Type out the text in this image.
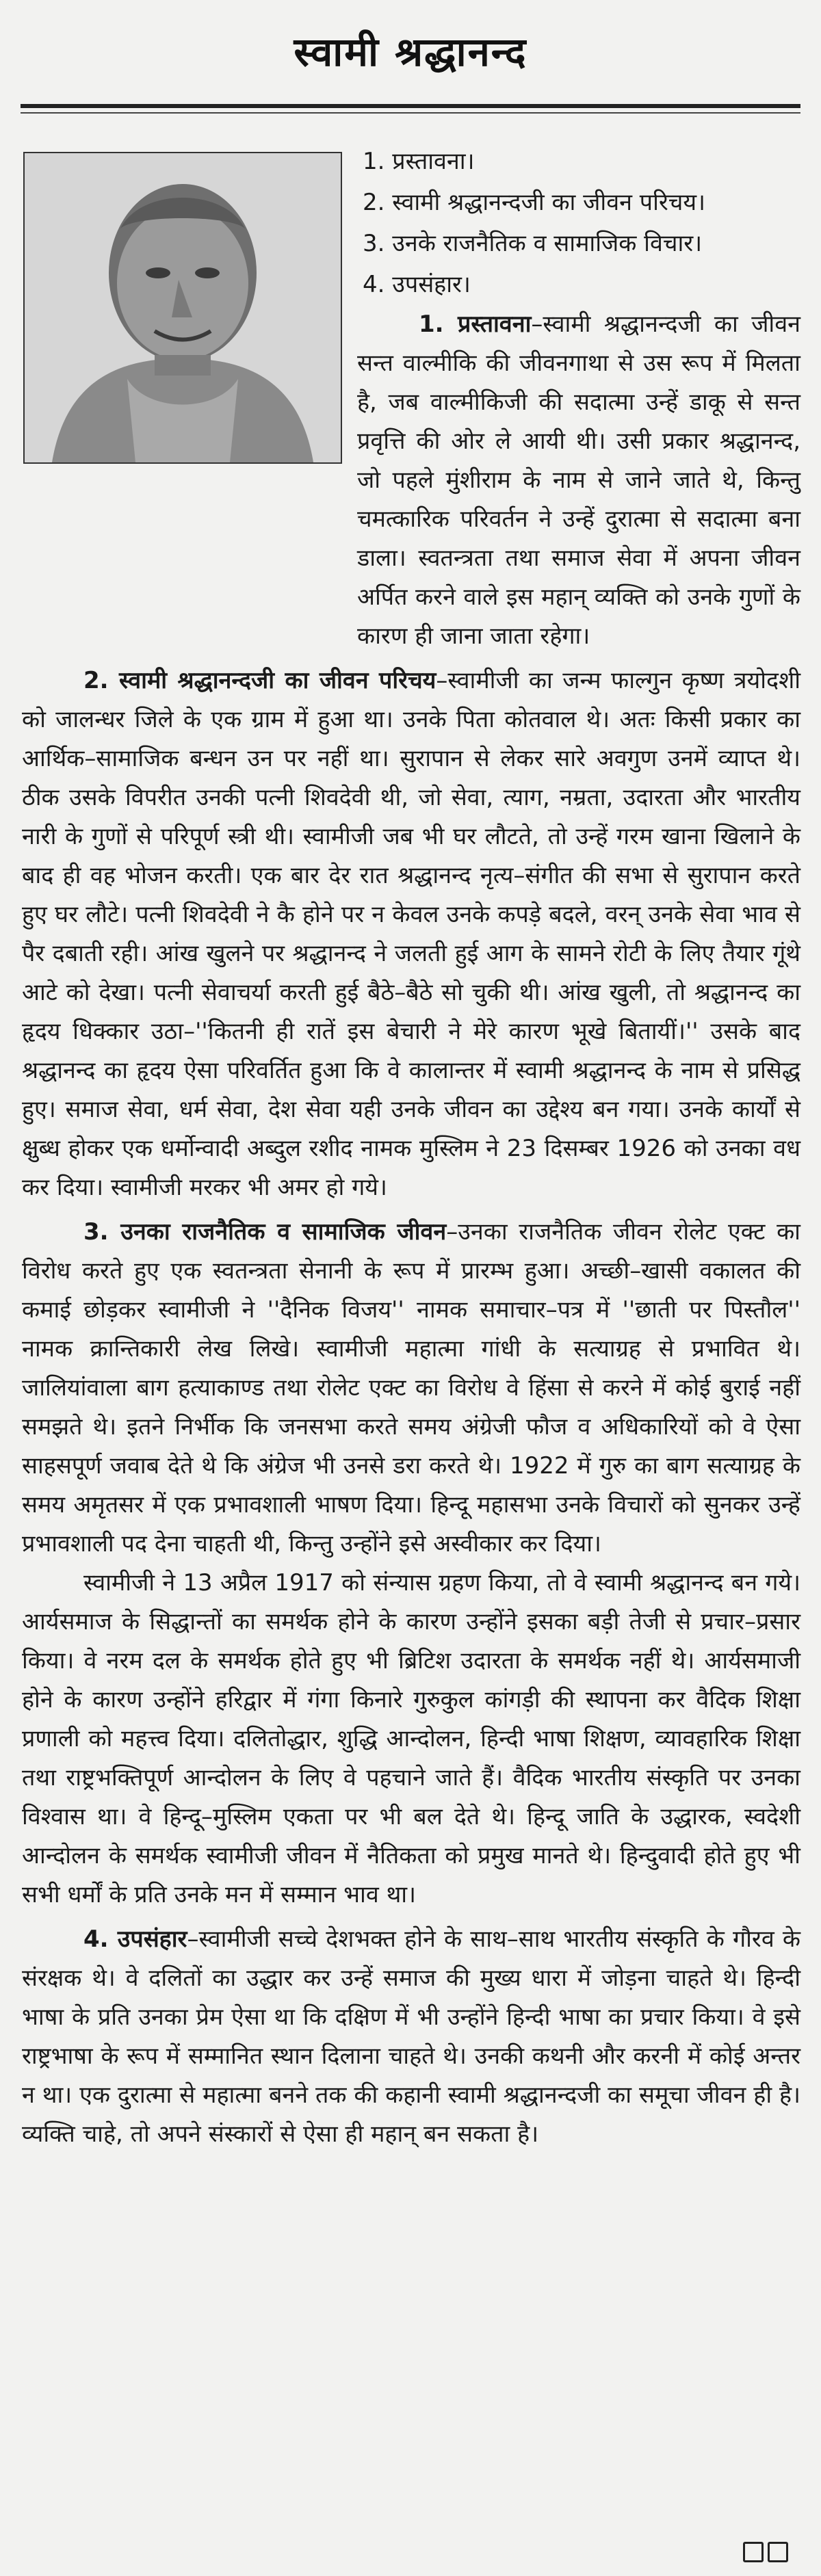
स्वामी श्रद्धानन्द
1. प्रस्तावना।
2. स्वामी श्रद्धानन्दजी का जीवन परिचय।
3. उनके राजनैतिक व सामाजिक विचार।
4. उपसंहार।

1. प्रस्तावना–स्वामी श्रद्धानन्दजी का जीवन सन्त वाल्मीकि की जीवनगाथा से उस रूप में मिलता है, जब वाल्मीकिजी की सदात्मा उन्हें डाकू से सन्त प्रवृत्ति की ओर ले आयी थी। उसी प्रकार श्रद्धानन्द, जो पहले मुंशीराम के नाम से जाने जाते थे, किन्तु चमत्कारिक परिवर्तन ने उन्हें दुरात्मा से सदात्मा बना डाला। स्वतन्त्रता तथा समाज सेवा में अपना जीवन अर्पित करने वाले इस महान् व्यक्ति को उनके गुणों के कारण ही जाना जाता रहेगा।

2. स्वामी श्रद्धानन्दजी का जीवन परिचय–स्वामीजी का जन्म फाल्गुन कृष्ण त्रयोदशी को जालन्धर जिले के एक ग्राम में हुआ था। उनके पिता कोतवाल थे। अतः किसी प्रकार का आर्थिक–सामाजिक बन्धन उन पर नहीं था। सुरापान से लेकर सारे अवगुण उनमें व्याप्त थे। ठीक उसके विपरीत उनकी पत्नी शिवदेवी थी, जो सेवा, त्याग, नम्रता, उदारता और भारतीय नारी के गुणों से परिपूर्ण स्त्री थी। स्वामीजी जब भी घर लौटते, तो उन्हें गरम खाना खिलाने के बाद ही वह भोजन करती। एक बार देर रात श्रद्धानन्द नृत्य–संगीत की सभा से सुरापान करते हुए घर लौटे। पत्नी शिवदेवी ने कै होने पर न केवल उनके कपड़े बदले, वरन् उनके सेवा भाव से पैर दबाती रही। आंख खुलने पर श्रद्धानन्द ने जलती हुई आग के सामने रोटी के लिए तैयार गूंथे आटे को देखा। पत्नी सेवाचर्या करती हुई बैठे–बैठे सो चुकी थी। आंख खुली, तो श्रद्धानन्द का हृदय धिक्कार उठा–''कितनी ही रातें इस बेचारी ने मेरे कारण भूखे बितायीं।'' उसके बाद श्रद्धानन्द का हृदय ऐसा परिवर्तित हुआ कि वे कालान्तर में स्वामी श्रद्धानन्द के नाम से प्रसिद्ध हुए। समाज सेवा, धर्म सेवा, देश सेवा यही उनके जीवन का उद्देश्य बन गया। उनके कार्यों से क्षुब्ध होकर एक धर्मोन्वादी अब्दुल रशीद नामक मुस्लिम ने 23 दिसम्बर 1926 को उनका वध कर दिया। स्वामीजी मरकर भी अमर हो गये।

3. उनका राजनैतिक व सामाजिक जीवन–उनका राजनैतिक जीवन रोलेट एक्ट का विरोध करते हुए एक स्वतन्त्रता सेनानी के रूप में प्रारम्भ हुआ। अच्छी–खासी वकालत की कमाई छोड़कर स्वामीजी ने ''दैनिक विजय'' नामक समाचार–पत्र में ''छाती पर पिस्तौल'' नामक क्रान्तिकारी लेख लिखे। स्वामीजी महात्मा गांधी के सत्याग्रह से प्रभावित थे। जालियांवाला बाग हत्याकाण्ड तथा रोलेट एक्ट का विरोध वे हिंसा से करने में कोई बुराई नहीं समझते थे। इतने निर्भीक कि जनसभा करते समय अंग्रेजी फौज व अधिकारियों को वे ऐसा साहसपूर्ण जवाब देते थे कि अंग्रेज भी उनसे डरा करते थे। 1922 में गुरु का बाग सत्याग्रह के समय अमृतसर में एक प्रभावशाली भाषण दिया। हिन्दू महासभा उनके विचारों को सुनकर उन्हें प्रभावशाली पद देना चाहती थी, किन्तु उन्होंने इसे अस्वीकार कर दिया।

स्वामीजी ने 13 अप्रैल 1917 को संन्यास ग्रहण किया, तो वे स्वामी श्रद्धानन्द बन गये। आर्यसमाज के सिद्धान्तों का समर्थक होने के कारण उन्होंने इसका बड़ी तेजी से प्रचार–प्रसार किया। वे नरम दल के समर्थक होते हुए भी ब्रिटिश उदारता के समर्थक नहीं थे। आर्यसमाजी होने के कारण उन्होंने हरिद्वार में गंगा किनारे गुरुकुल कांगड़ी की स्थापना कर वैदिक शिक्षा प्रणाली को महत्त्व दिया। दलितोद्धार, शुद्धि आन्दोलन, हिन्दी भाषा शिक्षण, व्यावहारिक शिक्षा तथा राष्ट्रभक्तिपूर्ण आन्दोलन के लिए वे पहचाने जाते हैं। वैदिक भारतीय संस्कृति पर उनका विश्वास था। वे हिन्दू–मुस्लिम एकता पर भी बल देते थे। हिन्दू जाति के उद्धारक, स्वदेशी आन्दोलन के समर्थक स्वामीजी जीवन में नैतिकता को प्रमुख मानते थे। हिन्दुवादी होते हुए भी सभी धर्मों के प्रति उनके मन में सम्मान भाव था।

4. उपसंहार–स्वामीजी सच्चे देशभक्त होने के साथ–साथ भारतीय संस्कृति के गौरव के संरक्षक थे। वे दलितों का उद्धार कर उन्हें समाज की मुख्य धारा में जोड़ना चाहते थे। हिन्दी भाषा के प्रति उनका प्रेम ऐसा था कि दक्षिण में भी उन्होंने हिन्दी भाषा का प्रचार किया। वे इसे राष्ट्रभाषा के रूप में सम्मानित स्थान दिलाना चाहते थे। उनकी कथनी और करनी में कोई अन्तर न था। एक दुरात्मा से महात्मा बनने तक की कहानी स्वामी श्रद्धानन्दजी का समूचा जीवन ही है। व्यक्ति चाहे, तो अपने संस्कारों से ऐसा ही महान् बन सकता है।
